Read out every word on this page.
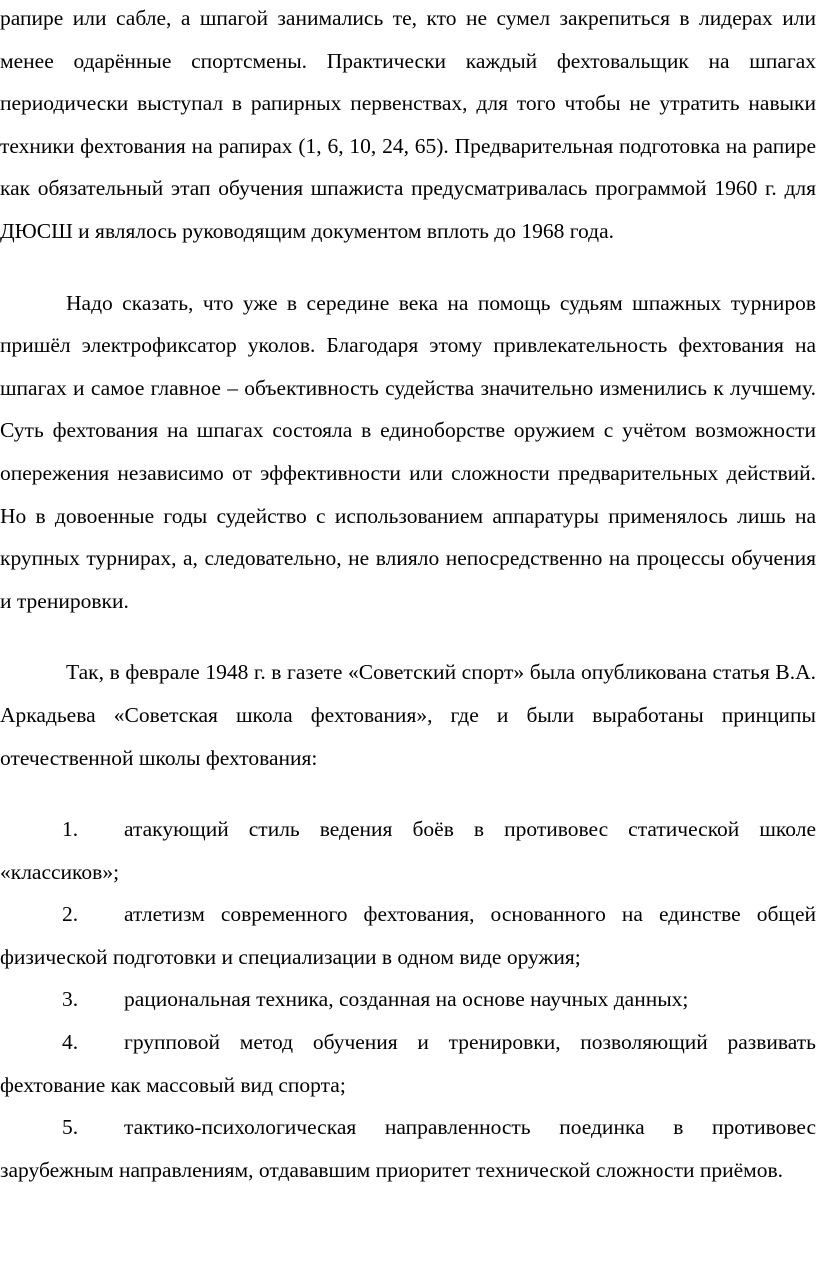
рапире или сабле, а шпагой занимались те, кто не сумел закрепиться в лидерах или менее одарённые спортсмены. Практически каждый фехтовальщик на шпагах периодически выступал в рапирных первенствах, для того чтобы не утратить навыки техники фехтования на рапирах (1, 6, 10, 24, 65). Предварительная подготовка на рапире как обязательный этап обучения шпажиста предусматривалась программой 1960 г. для ДЮСШ и являлось руководящим документом вплоть до 1968 года.

Надо сказать, что уже в середине века на помощь судьям шпажных турниров пришёл электрофиксатор уколов. Благодаря этому привлекательность фехтования на шпагах и самое главное – объективность судейства значительно изменились к лучшему. Суть фехтования на шпагах состояла в единоборстве оружием с учётом возможности опережения независимо от эффективности или сложности предварительных действий. Но в довоенные годы судейство с использованием аппаратуры применялось лишь на крупных турнирах, а, следовательно, не влияло непосредственно на процессы обучения и тренировки.

Так, в феврале 1948 г. в газете «Советский спорт» была опубликована статья В.А. Аркадьева «Советская школа фехтования», где и были выработаны принципы отечественной школы фехтования:

1.	атакующий стиль ведения боёв в противовес статической школе «классиков»;
2.	атлетизм современного фехтования, основанного на единстве общей физической подготовки и специализации в одном виде оружия;
3.	рациональная техника, созданная на основе научных данных;
4.	групповой метод обучения и тренировки, позволяющий развивать фехтование как массовый вид спорта;
5.	тактико-психологическая направленность поединка в противовес зарубежным направлениям, отдававшим приоритет технической сложности приёмов.
